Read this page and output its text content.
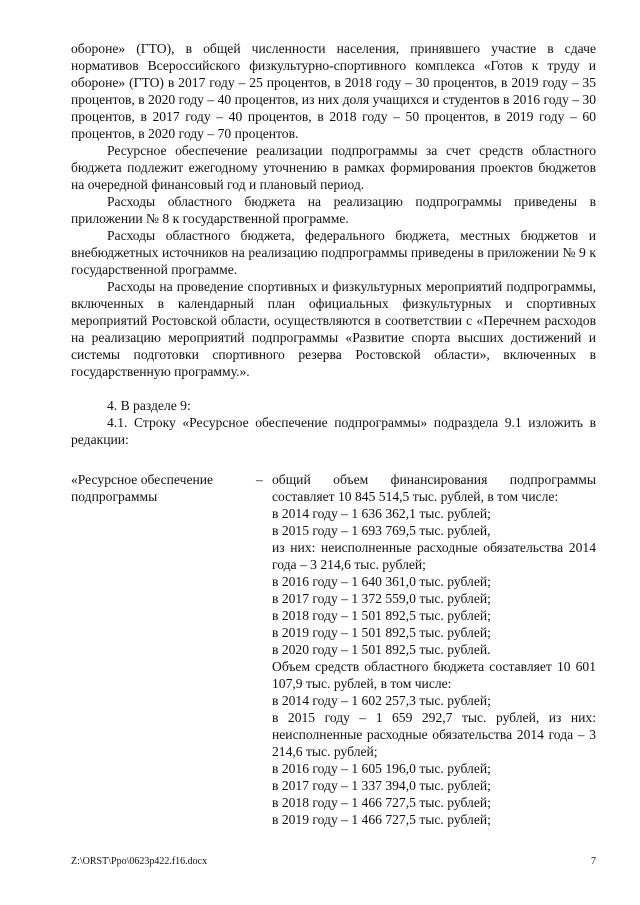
обороне» (ГТО), в общей численности населения, принявшего участие в сдаче нормативов Всероссийского физкультурно-спортивного комплекса «Готов к труду и обороне» (ГТО) в 2017 году – 25 процентов, в 2018 году – 30 процентов, в 2019 году – 35 процентов, в 2020 году – 40 процентов, из них доля учащихся и студентов в 2016 году – 30 процентов, в 2017 году – 40 процентов, в 2018 году – 50 процентов, в 2019 году – 60 процентов, в 2020 году – 70 процентов.

Ресурсное обеспечение реализации подпрограммы за счет средств областного бюджета подлежит ежегодному уточнению в рамках формирования проектов бюджетов на очередной финансовый год и плановый период.

Расходы областного бюджета на реализацию подпрограммы приведены в приложении № 8 к государственной программе.

Расходы областного бюджета, федерального бюджета, местных бюджетов и внебюджетных источников на реализацию подпрограммы приведены в приложении № 9 к государственной программе.

Расходы на проведение спортивных и физкультурных мероприятий подпрограммы, включенных в календарный план официальных физкультурных и спортивных мероприятий Ростовской области, осуществляются в соответствии с «Перечнем расходов на реализацию мероприятий подпрограммы «Развитие спорта высших достижений и системы подготовки спортивного резерва Ростовской области», включенных в государственную программу.».

4. В разделе 9:

4.1. Строку «Ресурсное обеспечение подпрограммы» подраздела 9.1 изложить в редакции:

«Ресурсное обеспечение подпрограммы
– общий объем финансирования подпрограммы составляет 10 845 514,5 тыс. рублей, в том числе:
в 2014 году – 1 636 362,1 тыс. рублей;
в 2015 году – 1 693 769,5 тыс. рублей,
из них: неисполненные расходные обязательства 2014 года – 3 214,6 тыс. рублей;
в 2016 году – 1 640 361,0 тыс. рублей;
в 2017 году – 1 372 559,0 тыс. рублей;
в 2018 году – 1 501 892,5 тыс. рублей;
в 2019 году – 1 501 892,5 тыс. рублей;
в 2020 году – 1 501 892,5 тыс. рублей.
Объем средств областного бюджета составляет 10 601 107,9 тыс. рублей, в том числе:
в 2014 году – 1 602 257,3 тыс. рублей;
в 2015 году – 1 659 292,7 тыс. рублей, из них: неисполненные расходные обязательства 2014 года – 3 214,6 тыс. рублей;
в 2016 году – 1 605 196,0 тыс. рублей;
в 2017 году – 1 337 394,0 тыс. рублей;
в 2018 году – 1 466 727,5 тыс. рублей;
в 2019 году – 1 466 727,5 тыс. рублей;
Z:\ORST\Ppo\0623p422.f16.docx	7
